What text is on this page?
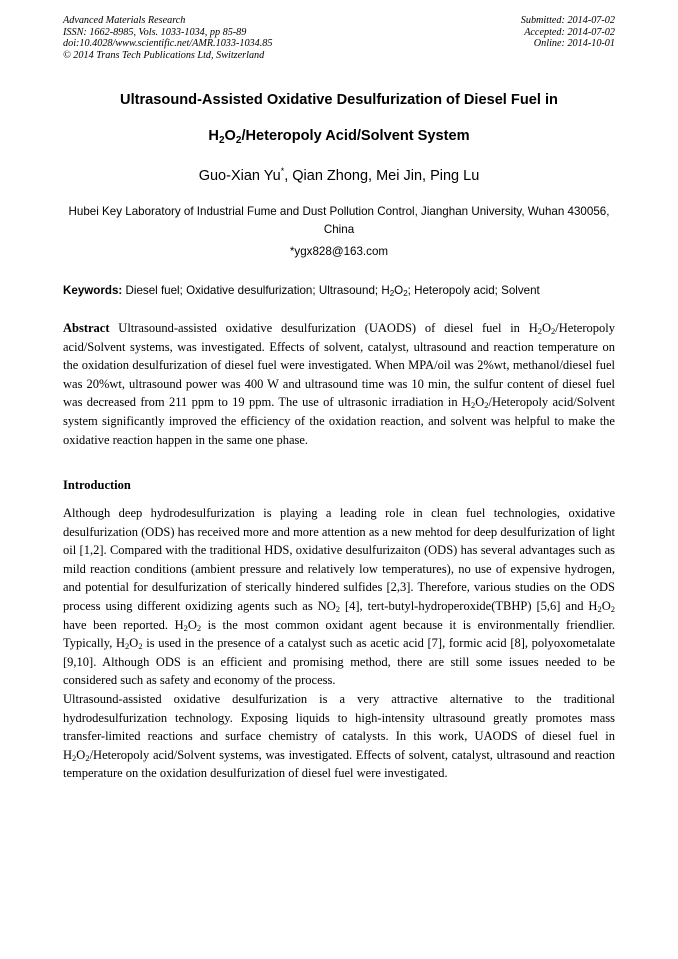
Advanced Materials Research
ISSN: 1662-8985, Vols. 1033-1034, pp 85-89
doi:10.4028/www.scientific.net/AMR.1033-1034.85
© 2014 Trans Tech Publications Ltd, Switzerland
Submitted: 2014-07-02
Accepted: 2014-07-02
Online: 2014-10-01
Ultrasound-Assisted Oxidative Desulfurization of Diesel Fuel in
$H_2O_2$/Heteropoly Acid/Solvent System
Guo-Xian Yu*, Qian Zhong, Mei Jin, Ping Lu
Hubei Key Laboratory of Industrial Fume and Dust Pollution Control, Jianghan University, Wuhan 430056, China
*ygx828@163.com
Keywords: Diesel fuel; Oxidative desulfurization; Ultrasound; $H_2O_2$; Heteropoly acid; Solvent
Abstract Ultrasound-assisted oxidative desulfurization (UAODS) of diesel fuel in $H_2O_2$/Heteropoly acid/Solvent systems, was investigated. Effects of solvent, catalyst, ultrasound and reaction temperature on the oxidation desulfurization of diesel fuel were investigated. When MPA/oil was 2%wt, methanol/diesel fuel was 20%wt, ultrasound power was 400 W and ultrasound time was 10 min, the sulfur content of diesel fuel was decreased from 211 ppm to 19 ppm. The use of ultrasonic irradiation in $H_2O_2$/Heteropoly acid/Solvent system significantly improved the efficiency of the oxidation reaction, and solvent was helpful to make the oxidative reaction happen in the same one phase.
Introduction

Although deep hydrodesulfurization is playing a leading role in clean fuel technologies, oxidative desulfurization (ODS) has received more and more attention as a new mehtod for deep desulfurization of light oil [1,2]. Compared with the traditional HDS, oxidative desulfurizaiton (ODS) has several advantages such as mild reaction conditions (ambient pressure and relatively low temperatures), no use of expensive hydrogen, and potential for desulfurization of sterically hindered sulfides [2,3]. Therefore, various studies on the ODS process using different oxidizing agents such as $NO_2$ [4], tert-butyl-hydroperoxide(TBHP) [5,6] and $H_2O_2$ have been reported. $H_2O_2$ is the most common oxidant agent because it is environmentally friendlier. Typically, $H_2O_2$ is used in the presence of a catalyst such as acetic acid [7], formic acid [8], polyoxometalate [9,10]. Although ODS is an efficient and promising method, there are still some issues needed to be considered such as safety and economy of the process.

Ultrasound-assisted oxidative desulfurization is a very attractive alternative to the traditional hydrodesulfurization technology. Exposing liquids to high-intensity ultrasound greatly promotes mass transfer-limited reactions and surface chemistry of catalysts. In this work, UAODS of diesel fuel in $H_2O_2$/Heteropoly acid/Solvent systems, was investigated. Effects of solvent, catalyst, ultrasound and reaction temperature on the oxidation desulfurization of diesel fuel were investigated.
